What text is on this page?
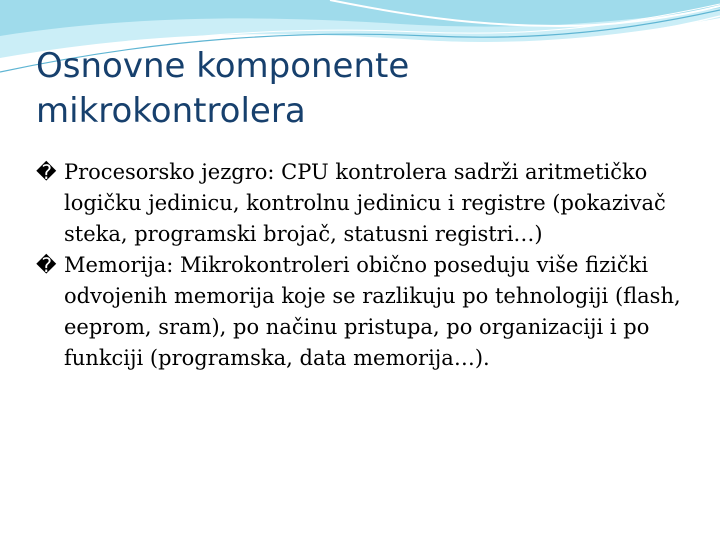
Osnovne komponente mikrokontrolera

� Procesorsko jezgro: CPU kontrolera sadrži aritmetičko logičku jedinicu, kontrolnu jedinicu i registre (pokazivač steka, programski brojač, statusni registri…)

� Memorija: Mikrokontroleri obično poseduju više fizički odvojenih memorija koje se razlikuju po tehnologiji (flash, eeprom, sram), po načinu pristupa, po organizaciji i po funkciji (programska, data memorija…).
